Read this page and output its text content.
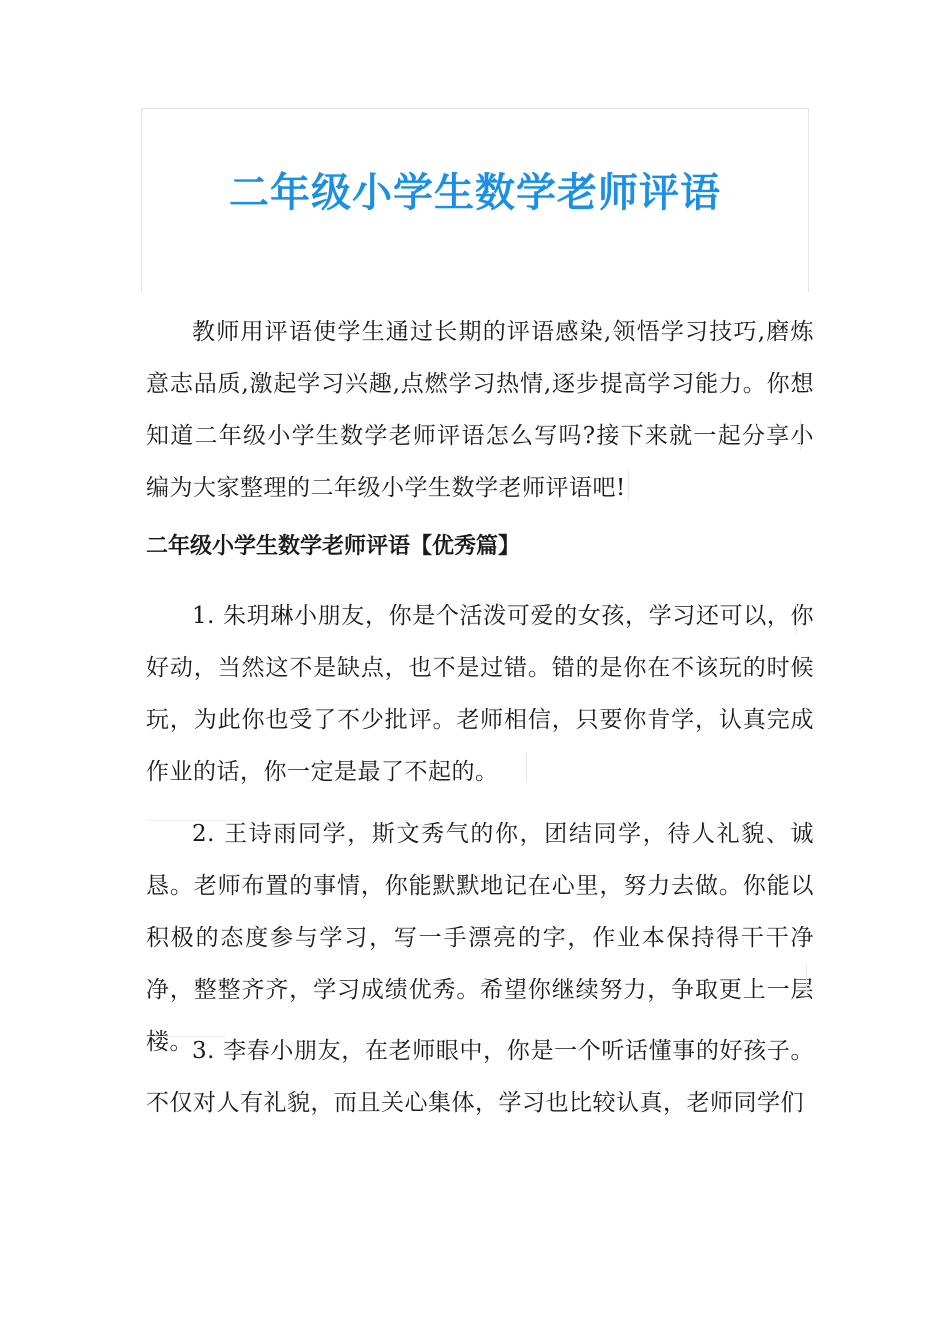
二年级小学生数学老师评语
教师用评语使学生通过长期的评语感染,领悟学习技巧,磨炼意志品质,激起学习兴趣,点燃学习热情,逐步提高学习能力。你想知道二年级小学生数学老师评语怎么写吗?接下来就一起分享小编为大家整理的二年级小学生数学老师评语吧!
二年级小学生数学老师评语【优秀篇】
1. 朱玥琳小朋友，你是个活泼可爱的女孩，学习还可以，你好动，当然这不是缺点，也不是过错。错的是你在不该玩的时候玩，为此你也受了不少批评。老师相信，只要你肯学，认真完成作业的话，你一定是最了不起的。
2. 王诗雨同学，斯文秀气的你，团结同学，待人礼貌、诚恳。老师布置的事情，你能默默地记在心里，努力去做。你能以积极的态度参与学习，写一手漂亮的字，作业本保持得干干净净，整整齐齐，学习成绩优秀。希望你继续努力，争取更上一层楼。 3. 李春小朋友，在老师眼中，你是一个听话懂事的好孩子。不仅对人有礼貌，而且关心集体，学习也比较认真，老师同学们
